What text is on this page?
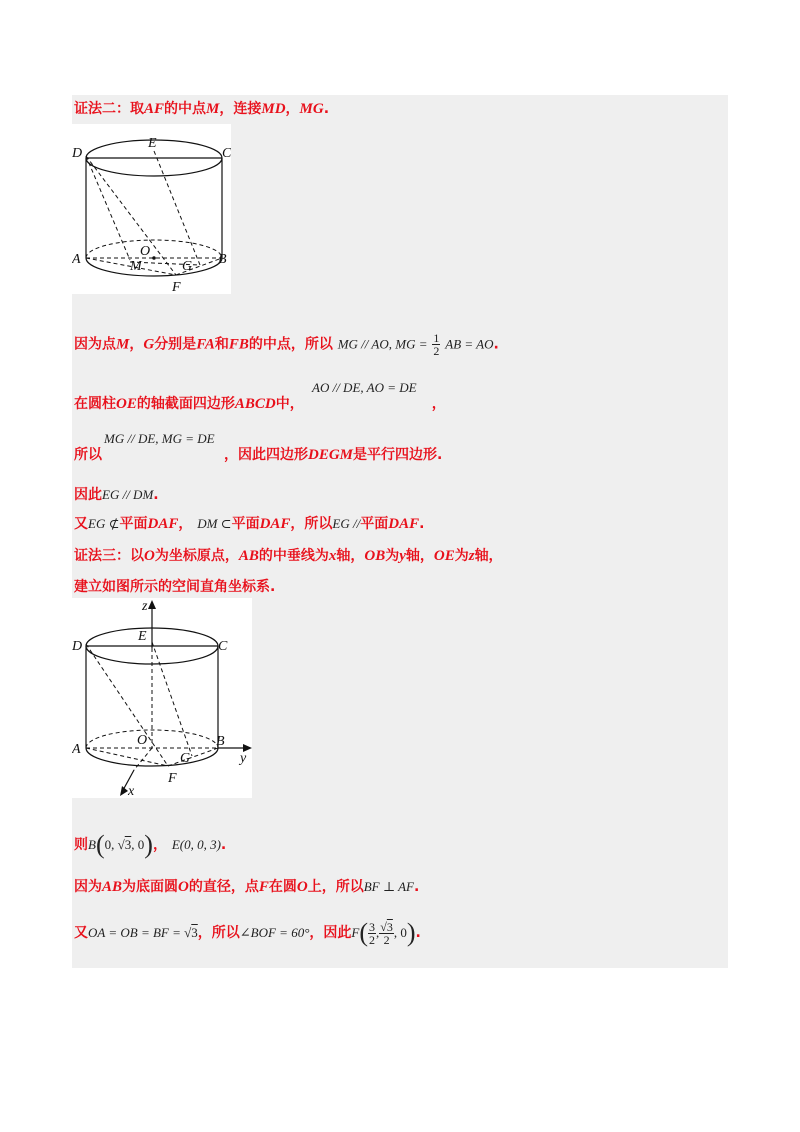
证法二：取AF的中点M，连接MD，MG.
D
E
C
A
O
M	G B
F
因为点M，G分别是FA和FB的中点，所以 MG // AO, MG = $\frac{1}{2}$ AB = AO.
AO // DE, AO = DE
在圆柱OE的轴截面四边形ABCD中，	，
MG // DE, MG = DE
所以	，因此四边形DEGM是平行四边形.
因此EG // DM.
又EG ⊄平面DAF， DM ⊂平面DAF，所以EG //平面DAF.
证法三：以O为坐标原点，AB的中垂线为x轴，OB为y轴，OE为z轴，
建立如图所示的空间直角坐标系.
z
D
E
C
A
O
G
B
F
y
x
则B(0, √3, 0)， E(0, 0, 3).
因为AB为底面圆O的直径，点F在圆O上，所以BF ⊥ AF.
又OA = OB = BF = √3，所以∠BOF = 60°，因此$F( \frac{3}{2}$ , $\frac{√3}{2}$ , 0).
